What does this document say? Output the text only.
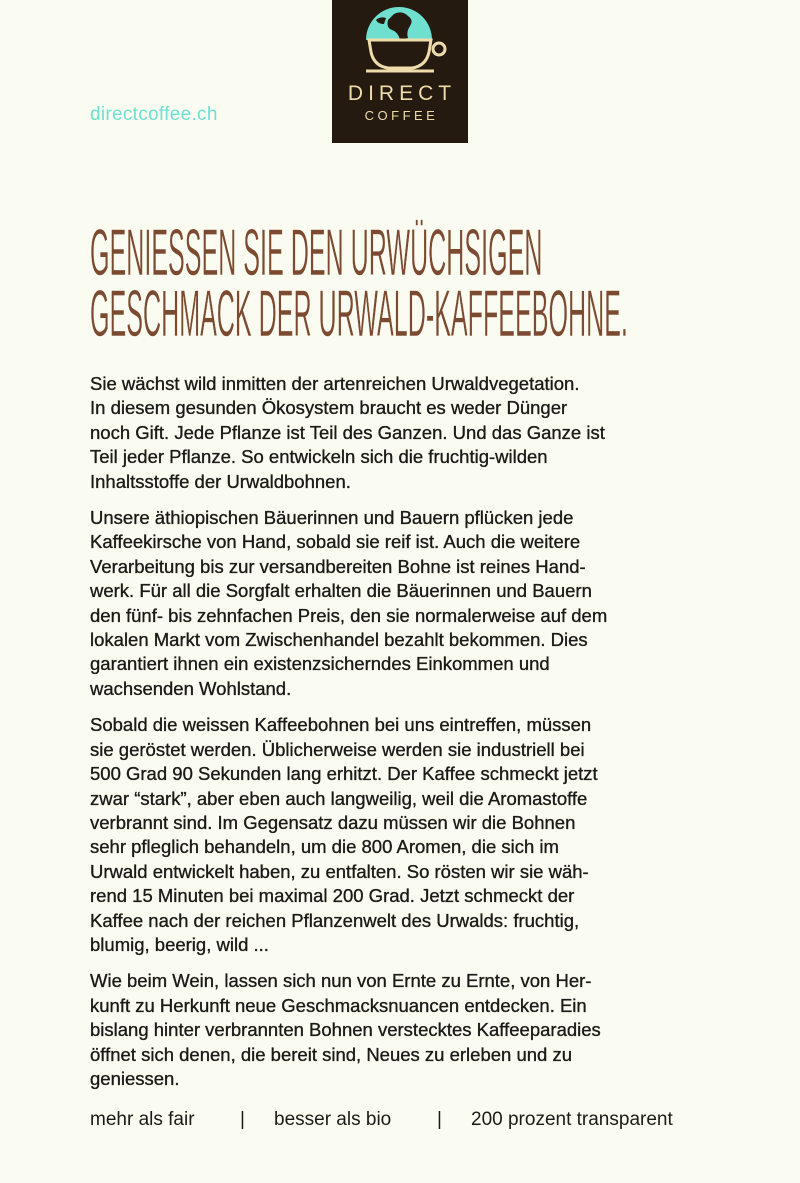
directcoffee.ch
DIRECT
COFFEE
GENIESSEN SIE DEN URWÜCHSIGEN
GESCHMACK DER URWALD-KAFFEEBOHNE.

Sie wächst wild inmitten der artenreichen Urwaldvegetation.
In diesem gesunden Ökosystem braucht es weder Dünger
noch Gift. Jede Pflanze ist Teil des Ganzen. Und das Ganze ist
Teil jeder Pflanze. So entwickeln sich die fruchtig-wilden
Inhaltsstoffe der Urwaldbohnen.

Unsere äthiopischen Bäuerinnen und Bauern pflücken jede
Kaffeekirsche von Hand, sobald sie reif ist. Auch die weitere
Verarbeitung bis zur versandbereiten Bohne ist reines Hand-
werk. Für all die Sorgfalt erhalten die Bäuerinnen und Bauern
den fünf- bis zehnfachen Preis, den sie normalerweise auf dem
lokalen Markt vom Zwischenhandel bezahlt bekommen. Dies
garantiert ihnen ein existenzsicherndes Einkommen und
wachsenden Wohlstand.

Sobald die weissen Kaffeebohnen bei uns eintreffen, müssen
sie geröstet werden. Üblicherweise werden sie industriell bei
500 Grad 90 Sekunden lang erhitzt. Der Kaffee schmeckt jetzt
zwar “stark”, aber eben auch langweilig, weil die Aromastoffe
verbrannt sind. Im Gegensatz dazu müssen wir die Bohnen
sehr pfleglich behandeln, um die 800 Aromen, die sich im
Urwald entwickelt haben, zu entfalten. So rösten wir sie wäh-
rend 15 Minuten bei maximal 200 Grad. Jetzt schmeckt der
Kaffee nach der reichen Pflanzenwelt des Urwalds: fruchtig,
blumig, beerig, wild ...

Wie beim Wein, lassen sich nun von Ernte zu Ernte, von Her-
kunft zu Herkunft neue Geschmacksnuancen entdecken. Ein
bislang hinter verbrannten Bohnen verstecktes Kaffeeparadies
öffnet sich denen, die bereit sind, Neues zu erleben und zu
geniessen.

mehr als fair | besser als bio | 200 prozent transparent
